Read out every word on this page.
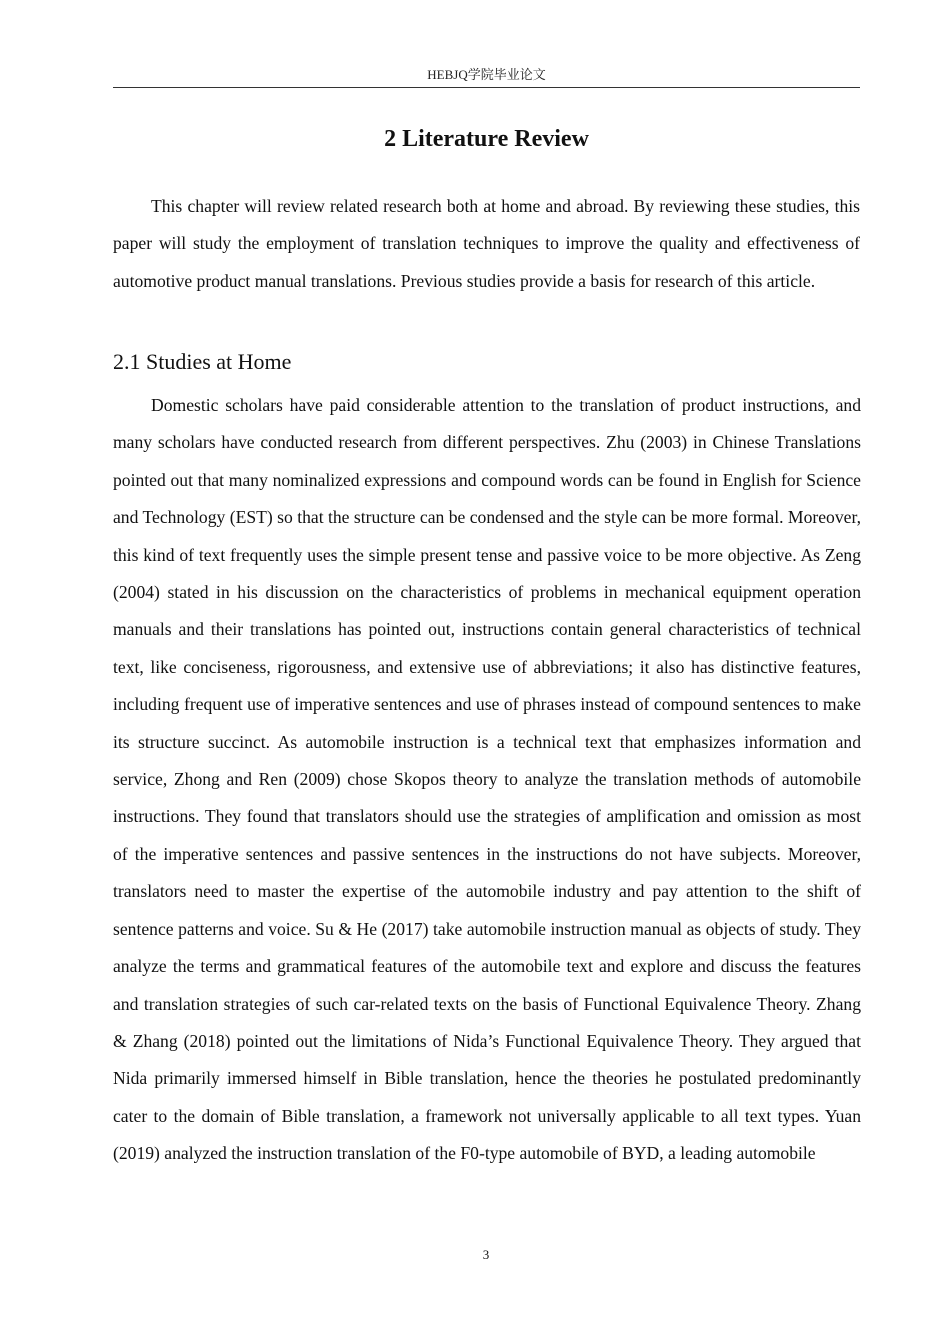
HEBJQ学院毕业论文
2 Literature Review

This chapter will review related research both at home and abroad. By reviewing these studies, this paper will study the employment of translation techniques to improve the quality and effectiveness of automotive product manual translations. Previous studies provide a basis for research of this article.

2.1 Studies at Home

Domestic scholars have paid considerable attention to the translation of product instructions, and many scholars have conducted research from different perspectives. Zhu (2003) in Chinese Translations pointed out that many nominalized expressions and compound words can be found in English for Science and Technology (EST) so that the structure can be condensed and the style can be more formal. Moreover, this kind of text frequently uses the simple present tense and passive voice to be more objective. As Zeng (2004) stated in his discussion on the characteristics of problems in mechanical equipment operation manuals and their translations has pointed out, instructions contain general characteristics of technical text, like conciseness, rigorousness, and extensive use of abbreviations; it also has distinctive features, including frequent use of imperative sentences and use of phrases instead of compound sentences to make its structure succinct. As automobile instruction is a technical text that emphasizes information and service, Zhong and Ren (2009) chose Skopos theory to analyze the translation methods of automobile instructions. They found that translators should use the strategies of amplification and omission as most of the imperative sentences and passive sentences in the instructions do not have subjects. Moreover, translators need to master the expertise of the automobile industry and pay attention to the shift of sentence patterns and voice. Su & He (2017) take automobile instruction manual as objects of study. They analyze the terms and grammatical features of the automobile text and explore and discuss the features and translation strategies of such car-related texts on the basis of Functional Equivalence Theory. Zhang & Zhang (2018) pointed out the limitations of Nida’s Functional Equivalence Theory. They argued that Nida primarily immersed himself in Bible translation, hence the theories he postulated predominantly cater to the domain of Bible translation, a framework not universally applicable to all text types. Yuan (2019) analyzed the instruction translation of the F0-type automobile of BYD, a leading automobile

3
